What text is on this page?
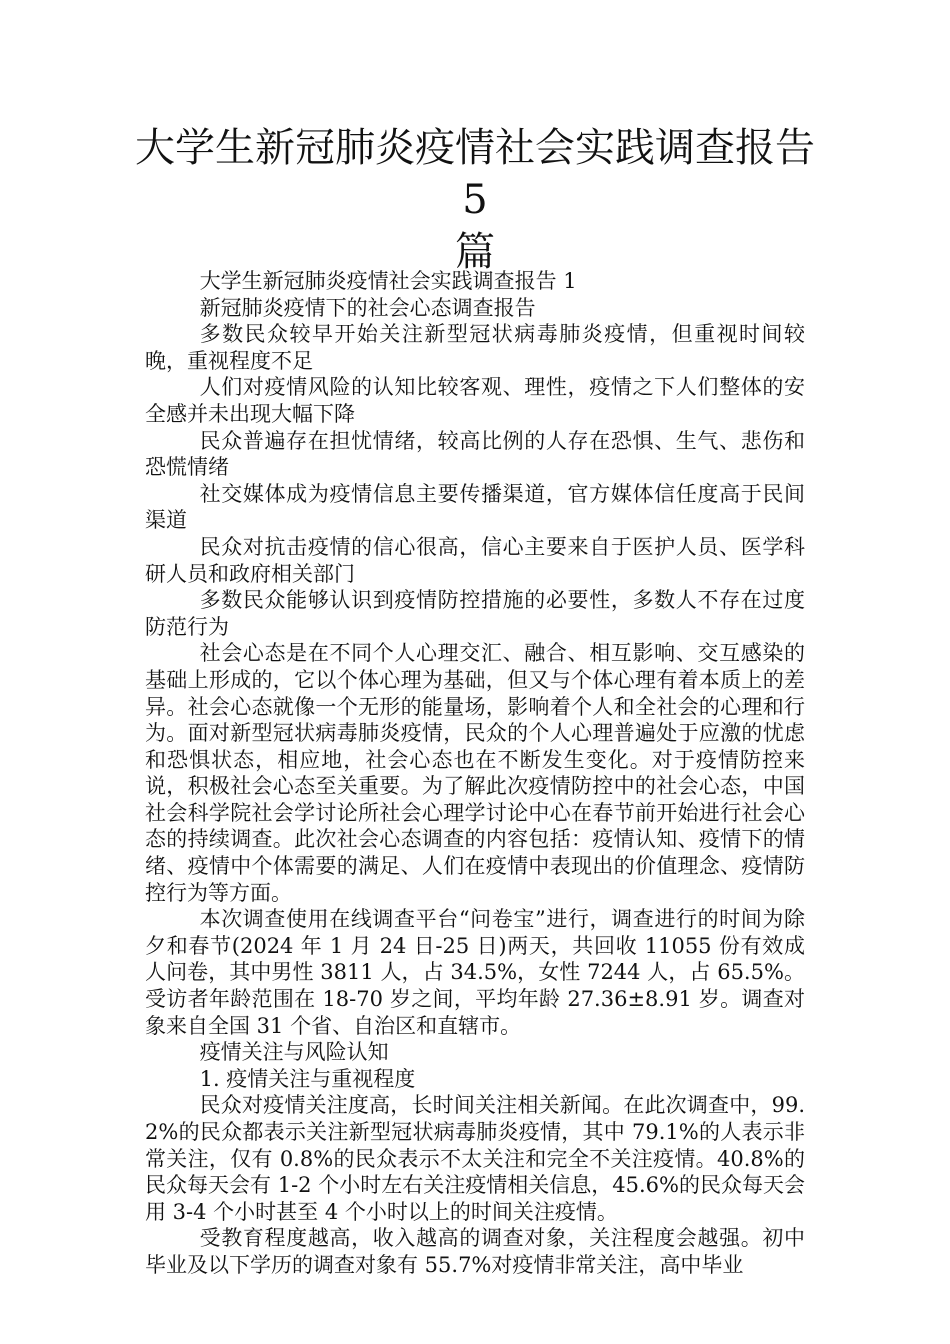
大学生新冠肺炎疫情社会实践调查报告 5
篇

大学生新冠肺炎疫情社会实践调查报告 1

新冠肺炎疫情下的社会心态调查报告

多数民众较早开始关注新型冠状病毒肺炎疫情，但重视时间较晚，重视程度不足

人们对疫情风险的认知比较客观、理性，疫情之下人们整体的安全感并未出现大幅下降

民众普遍存在担忧情绪，较高比例的人存在恐惧、生气、悲伤和恐慌情绪

社交媒体成为疫情信息主要传播渠道，官方媒体信任度高于民间渠道

民众对抗击疫情的信心很高，信心主要来自于医护人员、医学科研人员和政府相关部门

多数民众能够认识到疫情防控措施的必要性，多数人不存在过度防范行为

社会心态是在不同个人心理交汇、融合、相互影响、交互感染的基础上形成的，它以个体心理为基础，但又与个体心理有着本质上的差异。社会心态就像一个无形的能量场，影响着个人和全社会的心理和行为。面对新型冠状病毒肺炎疫情，民众的个人心理普遍处于应激的忧虑和恐惧状态，相应地，社会心态也在不断发生变化。对于疫情防控来说，积极社会心态至关重要。为了解此次疫情防控中的社会心态，中国社会科学院社会学讨论所社会心理学讨论中心在春节前开始进行社会心态的持续调查。此次社会心态调查的内容包括：疫情认知、疫情下的情绪、疫情中个体需要的满足、人们在疫情中表现出的价值理念、疫情防控行为等方面。

本次调查使用在线调查平台“问卷宝”进行，调查进行的时间为除夕和春节(2024 年 1 月 24 日-25 日)两天，共回收 11055 份有效成人问卷，其中男性 3811 人，占 34.5%，女性 7244 人，占 65.5%。受访者年龄范围在 18-70 岁之间，平均年龄 27.36±8.91 岁。调查对象来自全国 31 个省、自治区和直辖市。

疫情关注与风险认知

1. 疫情关注与重视程度

民众对疫情关注度高，长时间关注相关新闻。在此次调查中，99.2%的民众都表示关注新型冠状病毒肺炎疫情，其中 79.1%的人表示非常关注，仅有 0.8%的民众表示不太关注和完全不关注疫情。40.8%的民众每天会有 1-2 个小时左右关注疫情相关信息，45.6%的民众每天会用 3-4 个小时甚至 4 个小时以上的时间关注疫情。

受教育程度越高，收入越高的调查对象，关注程度会越强。初中毕业及以下学历的调查对象有 55.7%对疫情非常关注，高中毕业
